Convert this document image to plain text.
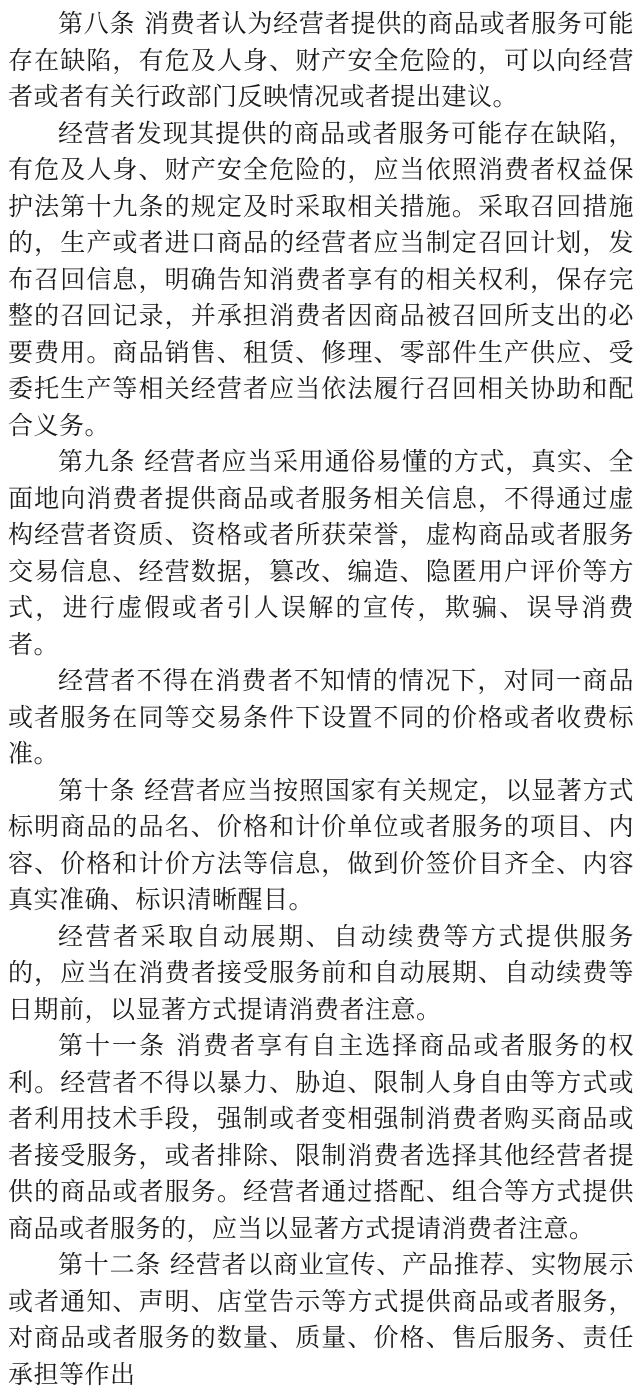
第八条 消费者认为经营者提供的商品或者服务可能存在缺陷，有危及人身、财产安全危险的，可以向经营者或者有关行政部门反映情况或者提出建议。

经营者发现其提供的商品或者服务可能存在缺陷，有危及人身、财产安全危险的，应当依照消费者权益保护法第十九条的规定及时采取相关措施。采取召回措施的，生产或者进口商品的经营者应当制定召回计划，发布召回信息，明确告知消费者享有的相关权利，保存完整的召回记录，并承担消费者因商品被召回所支出的必要费用。商品销售、租赁、修理、零部件生产供应、受委托生产等相关经营者应当依法履行召回相关协助和配合义务。

第九条 经营者应当采用通俗易懂的方式，真实、全面地向消费者提供商品或者服务相关信息，不得通过虚构经营者资质、资格或者所获荣誉，虚构商品或者服务交易信息、经营数据，篡改、编造、隐匿用户评价等方式，进行虚假或者引人误解的宣传，欺骗、误导消费者。

经营者不得在消费者不知情的情况下，对同一商品或者服务在同等交易条件下设置不同的价格或者收费标准。

第十条 经营者应当按照国家有关规定，以显著方式标明商品的品名、价格和计价单位或者服务的项目、内容、价格和计价方法等信息，做到价签价目齐全、内容真实准确、标识清晰醒目。

经营者采取自动展期、自动续费等方式提供服务的，应当在消费者接受服务前和自动展期、自动续费等日期前，以显著方式提请消费者注意。

第十一条 消费者享有自主选择商品或者服务的权利。经营者不得以暴力、胁迫、限制人身自由等方式或者利用技术手段，强制或者变相强制消费者购买商品或者接受服务，或者排除、限制消费者选择其他经营者提供的商品或者服务。经营者通过搭配、组合等方式提供商品或者服务的，应当以显著方式提请消费者注意。

第十二条 经营者以商业宣传、产品推荐、实物展示或者通知、声明、店堂告示等方式提供商品或者服务，对商品或者服务的数量、质量、价格、售后服务、责任承担等作出
